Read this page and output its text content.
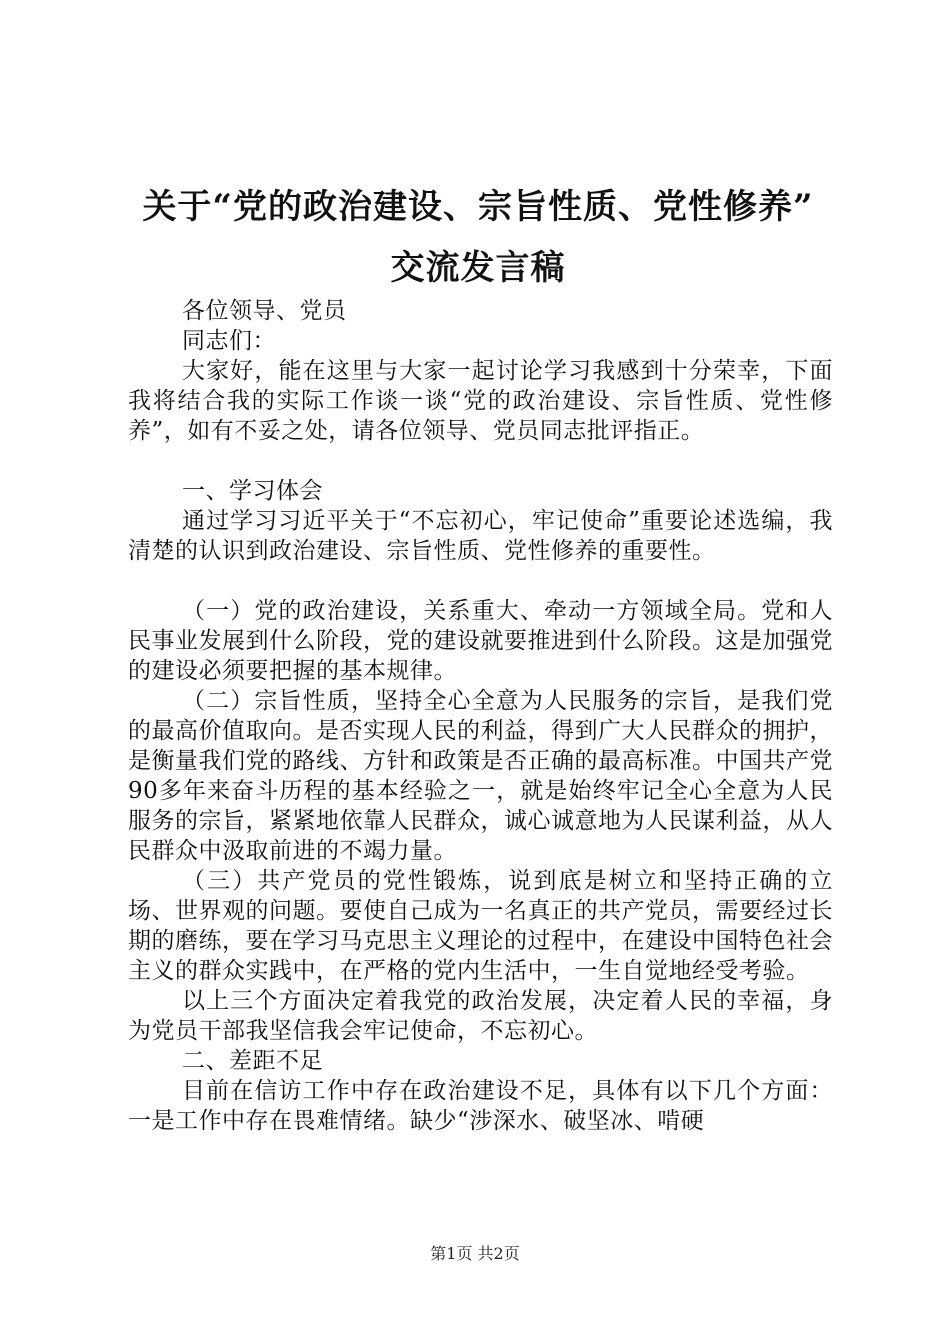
关于“党的政治建设、宗旨性质、党性修养”
交流发言稿

各位领导、党员

同志们：

大家好，能在这里与大家一起讨论学习我感到十分荣幸，下面我将结合我的实际工作谈一谈“党的政治建设、宗旨性质、党性修养”，如有不妥之处，请各位领导、党员同志批评指正。

一、学习体会

通过学习习近平关于“不忘初心，牢记使命”重要论述选编，我清楚的认识到政治建设、宗旨性质、党性修养的重要性。

（一）党的政治建设，关系重大、牵动一方领域全局。党和人民事业发展到什么阶段，党的建设就要推进到什么阶段。这是加强党的建设必须要把握的基本规律。

（二）宗旨性质，坚持全心全意为人民服务的宗旨，是我们党的最高价值取向。是否实现人民的利益，得到广大人民群众的拥护，是衡量我们党的路线、方针和政策是否正确的最高标准。中国共产党90多年来奋斗历程的基本经验之一，就是始终牢记全心全意为人民服务的宗旨，紧紧地依靠人民群众，诚心诚意地为人民谋利益，从人民群众中汲取前进的不竭力量。

（三）共产党员的党性锻炼，说到底是树立和坚持正确的立场、世界观的问题。要使自己成为一名真正的共产党员，需要经过长期的磨练，要在学习马克思主义理论的过程中，在建设中国特色社会主义的群众实践中，在严格的党内生活中，一生自觉地经受考验。

以上三个方面决定着我党的政治发展，决定着人民的幸福，身为党员干部我坚信我会牢记使命，不忘初心。

二、差距不足

目前在信访工作中存在政治建设不足，具体有以下几个方面：一是工作中存在畏难情绪。缺少“涉深水、破坚冰、啃硬

第1页 共2页
